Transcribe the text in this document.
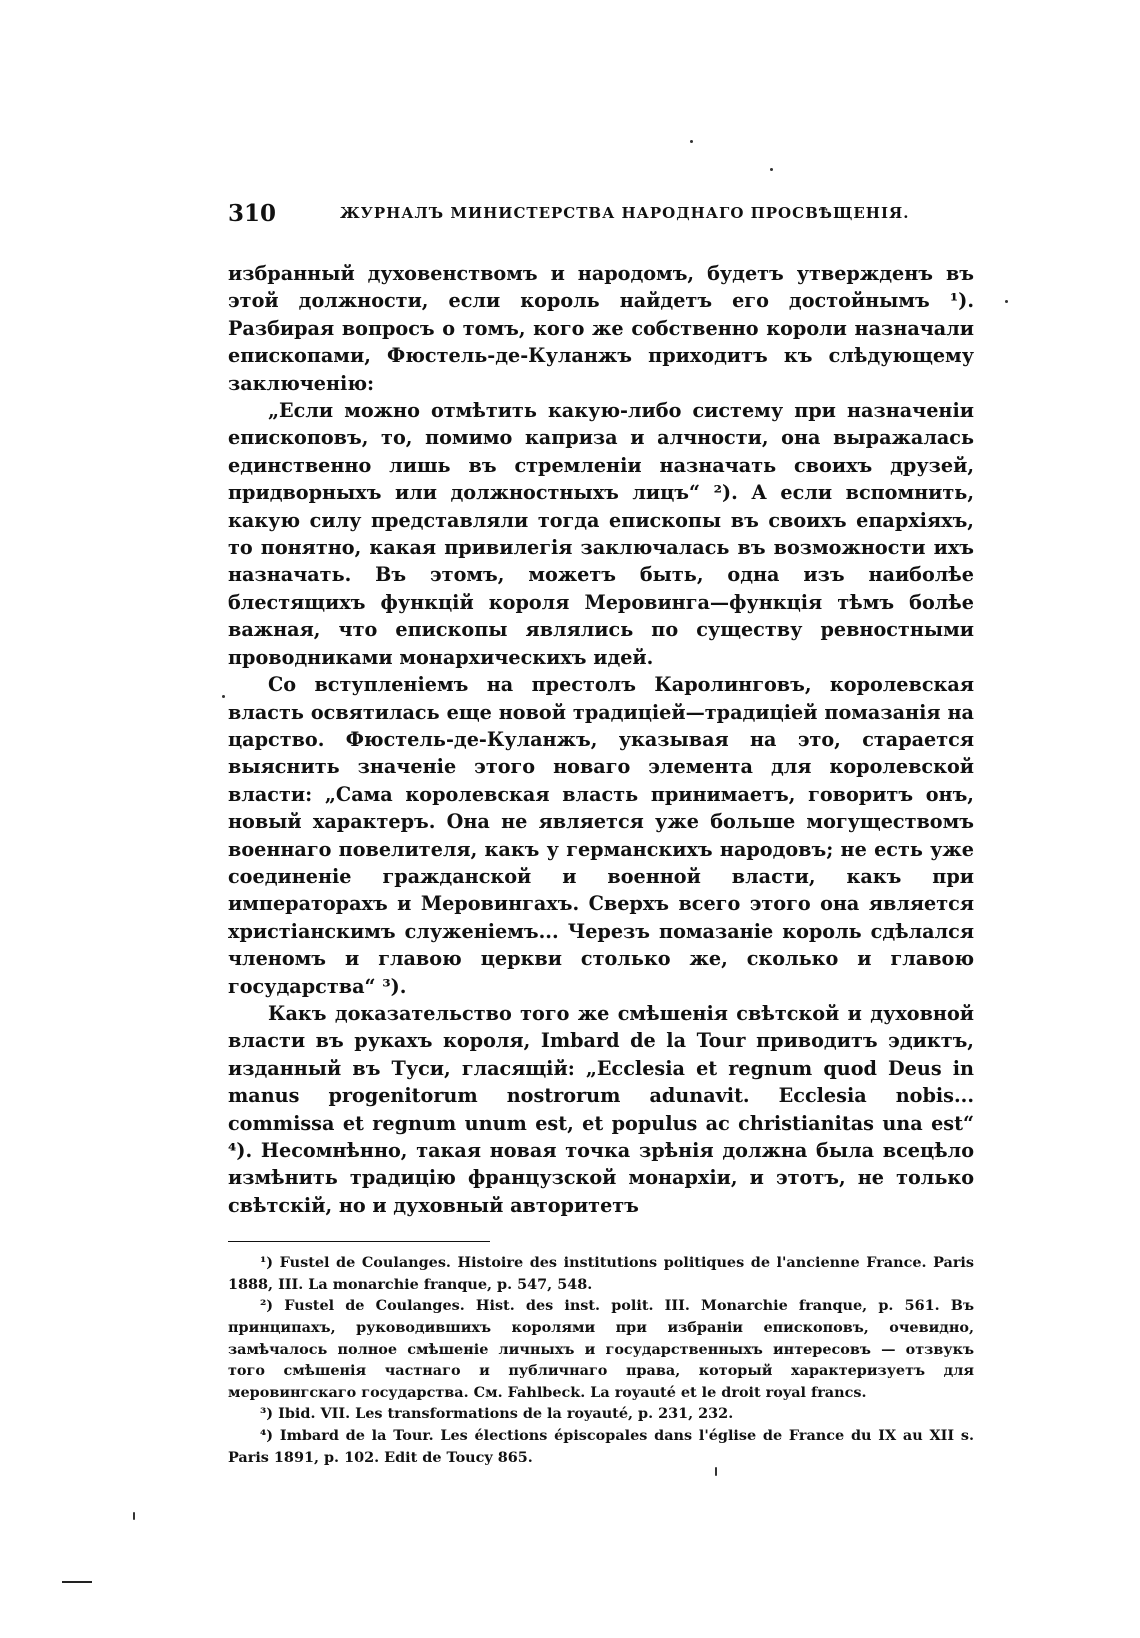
310	ЖУРНАЛЪ МИНИСТЕРСТВА НАРОДНАГО ПРОСВѢЩЕНІЯ.

избранный духовенствомъ и народомъ, будетъ утвержденъ въ этой должности, если король найдетъ его достойнымъ ¹). Разбирая вопросъ о томъ, кого же собственно короли назначали епископами, Фюстель-де-Куланжъ приходитъ къ слѣдующему заключенію:

„Если можно отмѣтить какую-либо систему при назначеніи епископовъ, то, помимо каприза и алчности, она выражалась единственно лишь въ стремленіи назначать своихъ друзей, придворныхъ или должностныхъ лицъ“ ²). А если вспомнить, какую силу представляли тогда епископы въ своихъ епархіяхъ, то понятно, какая привилегія заключалась въ возможности ихъ назначать. Въ этомъ, можетъ быть, одна изъ наиболѣе блестящихъ функцій короля Меровинга—функція тѣмъ болѣе важная, что епископы являлись по существу ревностными проводниками монархическихъ идей.

Со вступленіемъ на престолъ Каролинговъ, королевская власть освятилась еще новой традиціей—традиціей помазанія на царство. Фюстель-де-Куланжъ, указывая на это, старается выяснить значеніе этого новаго элемента для королевской власти: „Сама королевская власть принимаетъ, говоритъ онъ, новый характеръ. Она не является уже больше могуществомъ военнаго повелителя, какъ у германскихъ народовъ; не есть уже соединеніе гражданской и военной власти, какъ при императорахъ и Меровингахъ. Сверхъ всего этого она является христіанскимъ служеніемъ... Черезъ помазаніе король сдѣлался членомъ и главою церкви столько же, сколько и главою государства“ ³).

Какъ доказательство того же смѣшенія свѣтской и духовной власти въ рукахъ короля, Imbard de la Tour приводитъ эдиктъ, изданный въ Туси, гласящій: „Ecclesia et regnum quod Deus in manus progenitorum nostrorum adunavit. Ecclesia nobis... commissa et regnum unum est, et populus ac christianitas una est“ ⁴). Несомнѣнно, такая новая точка зрѣнія должна была всецѣло измѣнить традицію французской монархіи, и этотъ, не только свѣтскій, но и духовный авторитетъ

¹) Fustel de Coulanges. Histoire des institutions politiques de l'ancienne France. Paris 1888, III. La monarchie franque, p. 547, 548.

²) Fustel de Coulanges. Hist. des inst. polit. III. Monarchie franque, p. 561. Въ принципахъ, руководившихъ королями при избраніи епископовъ, очевидно, замѣчалось полное смѣшеніе личныхъ и государственныхъ интересовъ — отзвукъ того смѣшенія частнаго и публичнаго права, который характеризуетъ для меровингскаго государства. См. Fahlbeck. La royauté et le droit royal francs.

³) Ibid. VII. Les transformations de la royauté, p. 231, 232.

⁴) Imbard de la Tour. Les élections épiscopales dans l'église de France du IX au XII s. Paris 1891, p. 102. Edit de Toucy 865.
